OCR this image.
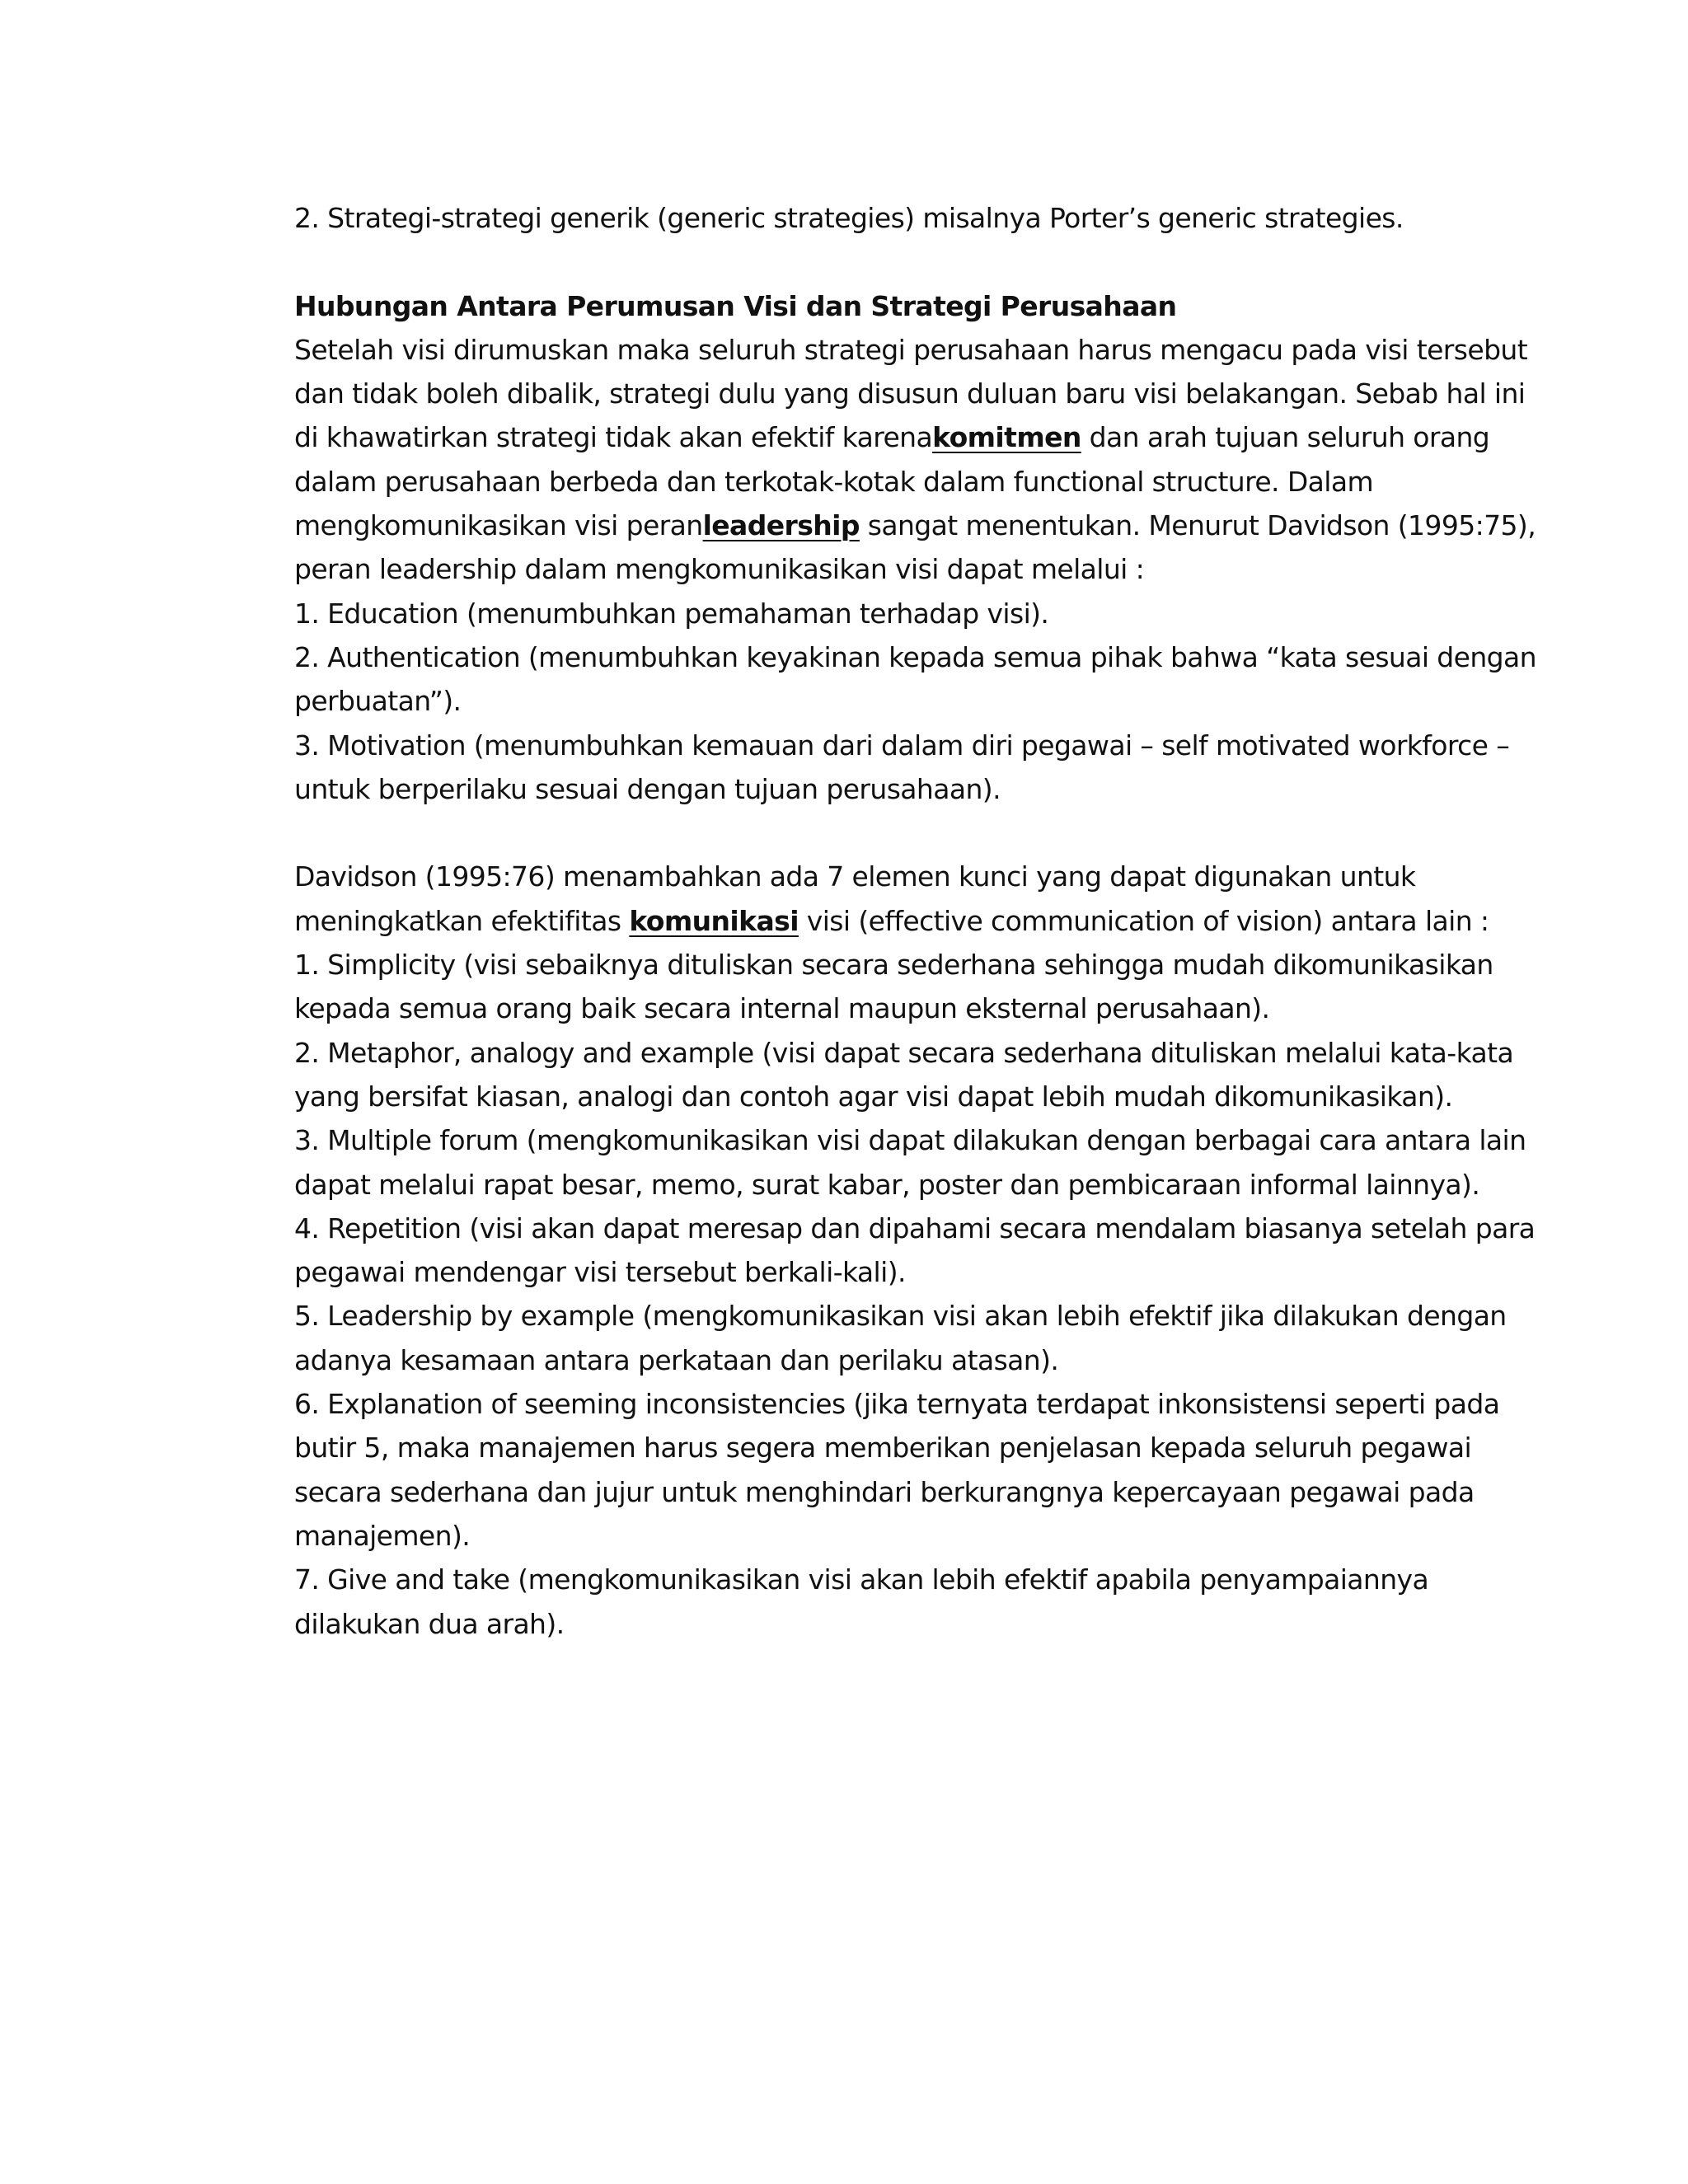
2. Strategi-strategi generik (generic strategies) misalnya Porter’s generic strategies.
Hubungan Antara Perumusan Visi dan Strategi Perusahaan
Setelah visi dirumuskan maka seluruh strategi perusahaan harus mengacu pada visi tersebut
dan tidak boleh dibalik, strategi dulu yang disusun duluan baru visi belakangan. Sebab hal ini
di khawatirkan strategi tidak akan efektif karenakomitmen dan arah tujuan seluruh orang
dalam perusahaan berbeda dan terkotak-kotak dalam functional structure. Dalam
mengkomunikasikan visi peranleadership sangat menentukan. Menurut Davidson (1995:75),
peran leadership dalam mengkomunikasikan visi dapat melalui :
1. Education (menumbuhkan pemahaman terhadap visi).
2. Authentication (menumbuhkan keyakinan kepada semua pihak bahwa “kata sesuai dengan
perbuatan”).
3. Motivation (menumbuhkan kemauan dari dalam diri pegawai – self motivated workforce –
untuk berperilaku sesuai dengan tujuan perusahaan).
Davidson (1995:76) menambahkan ada 7 elemen kunci yang dapat digunakan untuk
meningkatkan efektifitas komunikasi visi (effective communication of vision) antara lain :
1. Simplicity (visi sebaiknya dituliskan secara sederhana sehingga mudah dikomunikasikan
kepada semua orang baik secara internal maupun eksternal perusahaan).
2. Metaphor, analogy and example (visi dapat secara sederhana dituliskan melalui kata-kata
yang bersifat kiasan, analogi dan contoh agar visi dapat lebih mudah dikomunikasikan).
3. Multiple forum (mengkomunikasikan visi dapat dilakukan dengan berbagai cara antara lain
dapat melalui rapat besar, memo, surat kabar, poster dan pembicaraan informal lainnya).
4. Repetition (visi akan dapat meresap dan dipahami secara mendalam biasanya setelah para
pegawai mendengar visi tersebut berkali-kali).
5. Leadership by example (mengkomunikasikan visi akan lebih efektif jika dilakukan dengan
adanya kesamaan antara perkataan dan perilaku atasan).
6. Explanation of seeming inconsistencies (jika ternyata terdapat inkonsistensi seperti pada
butir 5, maka manajemen harus segera memberikan penjelasan kepada seluruh pegawai
secara sederhana dan jujur untuk menghindari berkurangnya kepercayaan pegawai pada
manajemen).
7. Give and take (mengkomunikasikan visi akan lebih efektif apabila penyampaiannya
dilakukan dua arah).
